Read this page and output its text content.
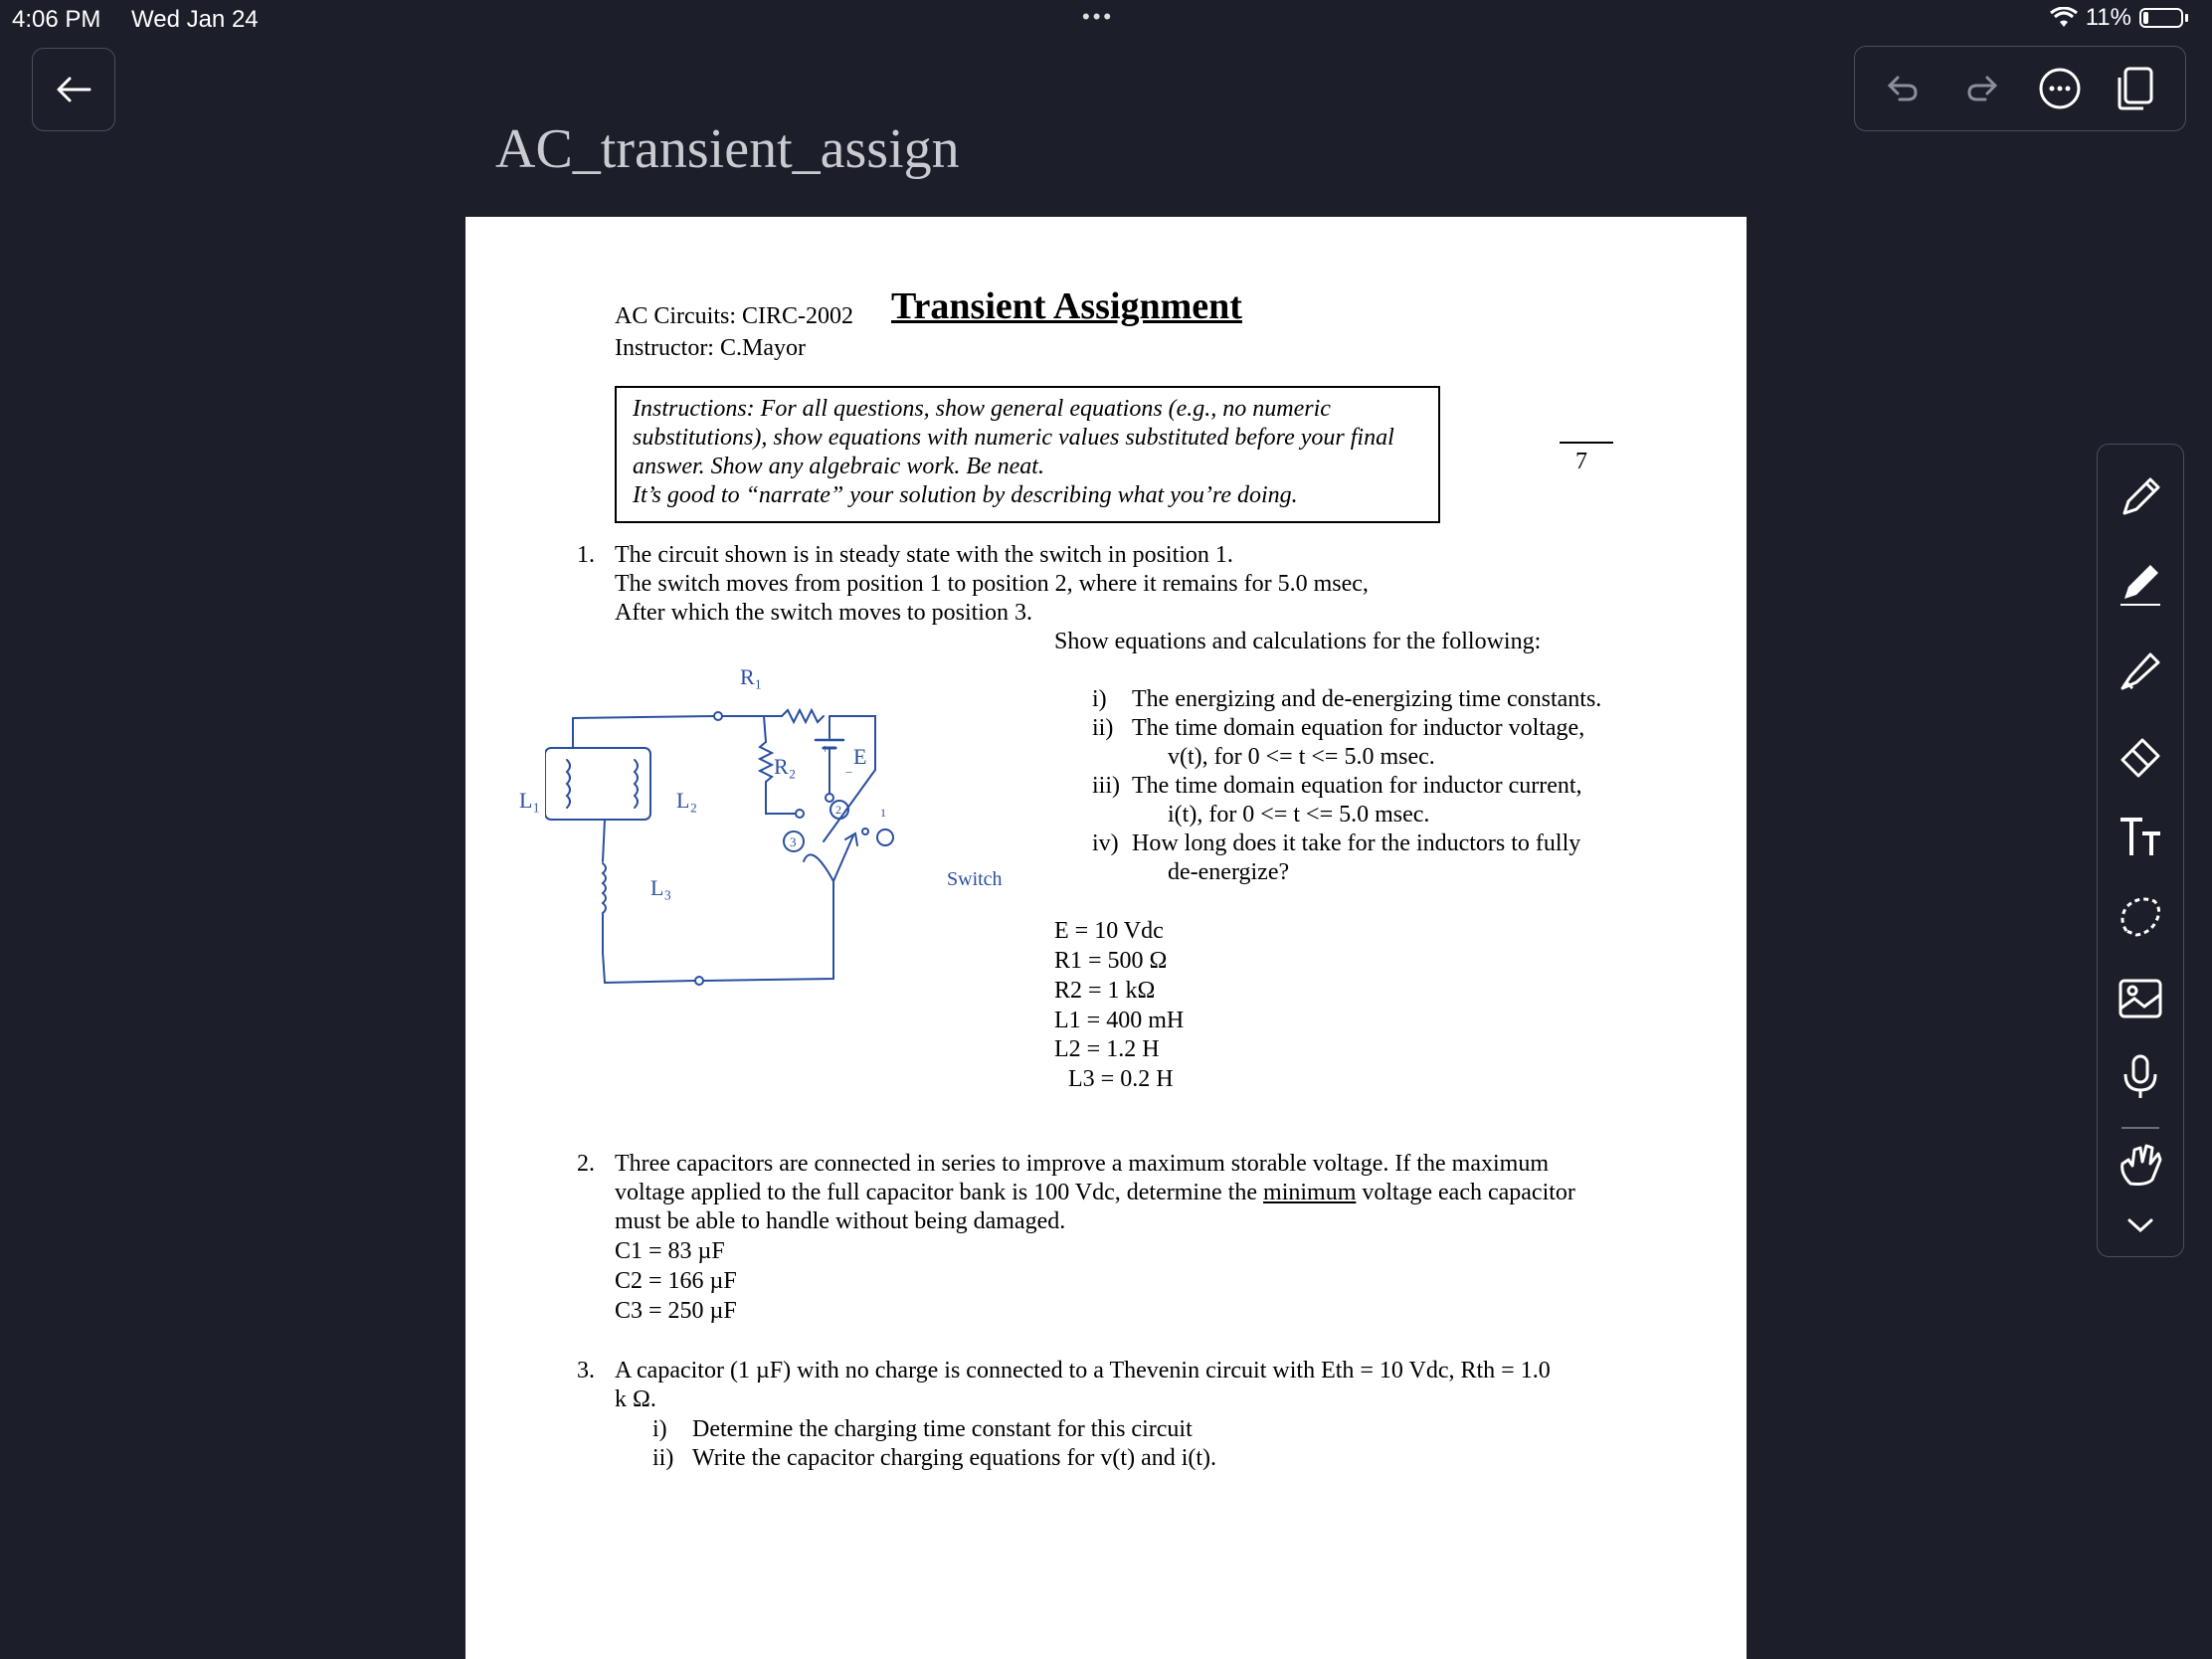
4:06 PM Wed Jan 24	•••	11%
AC_transient_assign
AC Circuits: CIRC-2002
Instructor: C.Mayor
Transient Assignment
Instructions: For all questions, show general equations (e.g., no numeric
substitutions), show equations with numeric values substituted before your final
answer. Show any algebraic work. Be neat.
It’s good to “narrate” your solution by describing what you’re doing.
7
1. The circuit shown is in steady state with the switch in position 1.
The switch moves from position 1 to position 2, where it remains for 5.0 msec,
After which the switch moves to position 3.
Show equations and calculations for the following:
i) The energizing and de-energizing time constants.
ii) The time domain equation for inductor voltage,
v(t), for 0 <= t <= 5.0 msec.
iii) The time domain equation for inductor current,
i(t), for 0 <= t <= 5.0 msec.
iv) How long does it take for the inductors to fully
de-energize?
E = 10 Vdc
R1 = 500 Ω
R2 = 1 kΩ
L1 = 400 mH
L2 = 1.2 H
L3 = 0.2 H
R₁
R₂
+ E
−
L₁	L₂
L₃
1
2
3
Switch
2. Three capacitors are connected in series to improve a maximum storable voltage. If the maximum
voltage applied to the full capacitor bank is 100 Vdc, determine the minimum voltage each capacitor
must be able to handle without being damaged.
C1 = 83 µF
C2 = 166 µF
C3 = 250 µF
3. A capacitor (1 µF) with no charge is connected to a Thevenin circuit with Eth = 10 Vdc, Rth = 1.0
k Ω.
i) Determine the charging time constant for this circuit
ii) Write the capacitor charging equations for v(t) and i(t).
